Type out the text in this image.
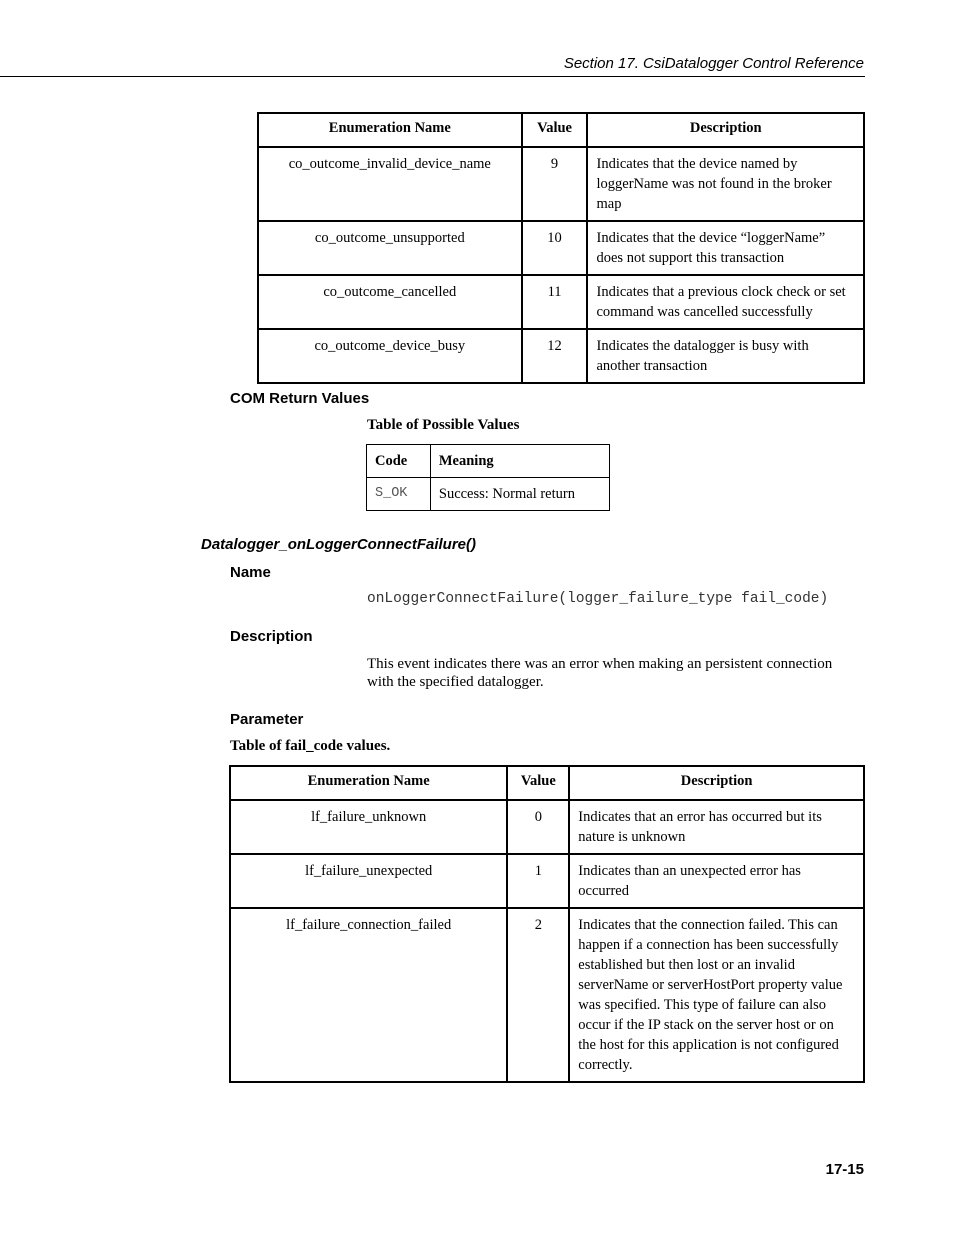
Section 17. CsiDatalogger Control Reference
Enumeration Name	Value	Description
co_outcome_invalid_device_name	9	Indicates that the device named by loggerName was not found in the broker map
co_outcome_unsupported	10	Indicates that the device “loggerName” does not support this transaction
co_outcome_cancelled	11	Indicates that a previous clock check or set command was cancelled successfully
co_outcome_device_busy	12	Indicates the datalogger is busy with another transaction
COM Return Values
Table of Possible Values
Code	Meaning
S_OK	Success: Normal return
Datalogger_onLoggerConnectFailure()
Name
onLoggerConnectFailure(logger_failure_type fail_code)
Description
This event indicates there was an error when making an persistent connection with the specified datalogger.
Parameter
Table of fail_code values.
Enumeration Name	Value	Description
lf_failure_unknown	0	Indicates that an error has occurred but its nature is unknown
lf_failure_unexpected	1	Indicates than an unexpected error has occurred
lf_failure_connection_failed	2	Indicates that the connection failed. This can happen if a connection has been successfully established but then lost or an invalid serverName or serverHostPort property value was specified. This type of failure can also occur if the IP stack on the server host or on the host for this application is not configured correctly.
17-15
